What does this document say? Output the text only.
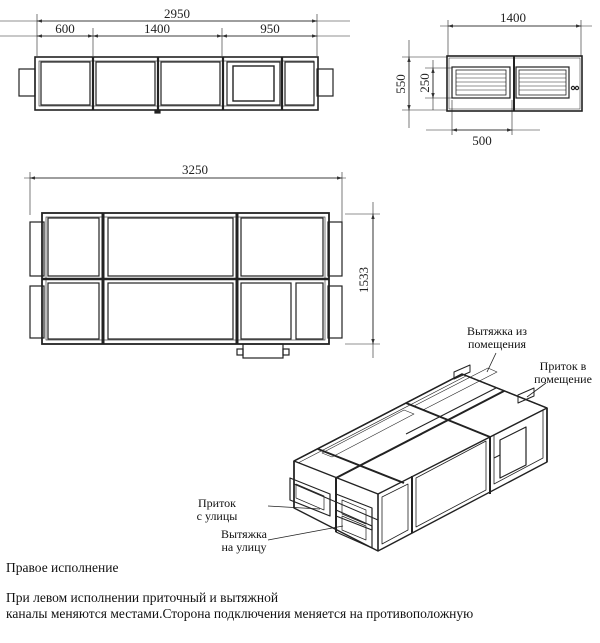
2950
600	1400	950
1400
550 250
500
3250
1533
Вытяжка из
помещения
Приток в
помещение
Приток
с улицы
Вытяжка
на улицу
Правое исполнение
При левом исполнении приточный и вытяжной
каналы меняются местами.Сторона подключения меняется на противоположную
